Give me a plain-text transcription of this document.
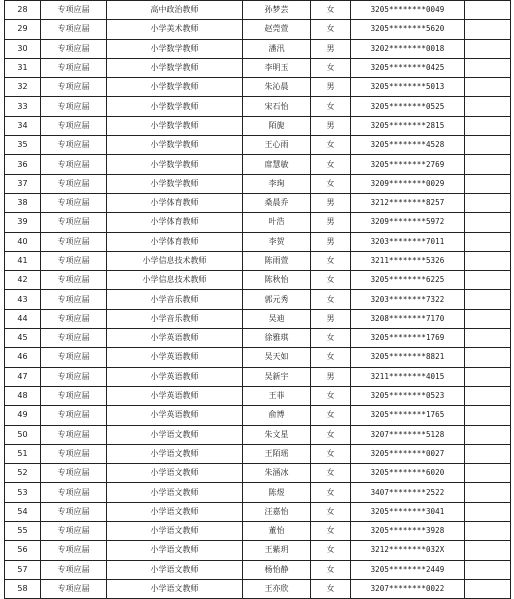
28	专项应届	高中政治教师	孙梦芸	女	3205********0049	
29	专项应届	小学美术教师	赵莞萱	女	3205********5620	
30	专项应届	小学数学教师	潘汛	男	3202********0018	
31	专项应届	小学数学教师	李明玉	女	3205********0425	
32	专项应届	小学数学教师	朱沁晨	男	3205********5013	
33	专项应届	小学数学教师	宋石怡	女	3205********0525	
34	专项应届	小学数学教师	陌旎	男	3205********2815	
35	专项应届	小学数学教师	王心雨	女	3205********4528	
36	专项应届	小学数学教师	席慧敏	女	3205********2769	
37	专项应届	小学数学教师	李珣	女	3209********0029	
38	专项应届	小学体育教师	桑晨乔	男	3212********8257	
39	专项应届	小学体育教师	叶浩	男	3209********5972	
40	专项应届	小学体育教师	李贺	男	3203********7011	
41	专项应届	小学信息技术教师	陈雨萱	女	3211********5326	
42	专项应届	小学信息技术教师	陈秋怡	女	3205********6225	
43	专项应届	小学音乐教师	郭元秀	女	3203********7322	
44	专项应届	小学音乐教师	吴迪	男	3208********7170	
45	专项应届	小学英语教师	徐雅琪	女	3205********1769	
46	专项应届	小学英语教师	吴天如	女	3205********8821	
47	专项应届	小学英语教师	吴新宇	男	3211********4015	
48	专项应届	小学英语教师	王菲	女	3205********0523	
49	专项应届	小学英语教师	俞博	女	3205********1765	
50	专项应届	小学语文教师	朱文星	女	3207********5128	
51	专项应届	小学语文教师	王陌瑶	女	3205********0027	
52	专项应届	小学语文教师	朱涵冰	女	3205********6020	
53	专项应届	小学语文教师	陈煜	女	3407********2522	
54	专项应届	小学语文教师	汪嘉怡	女	3205********3041	
55	专项应届	小学语文教师	董怡	女	3205********3928	
56	专项应届	小学语文教师	王紫玥	女	3212********032X	
57	专项应届	小学语文教师	杨怡静	女	3205********2449	
58	专项应届	小学语文教师	王亦欣	女	3207********0022	
